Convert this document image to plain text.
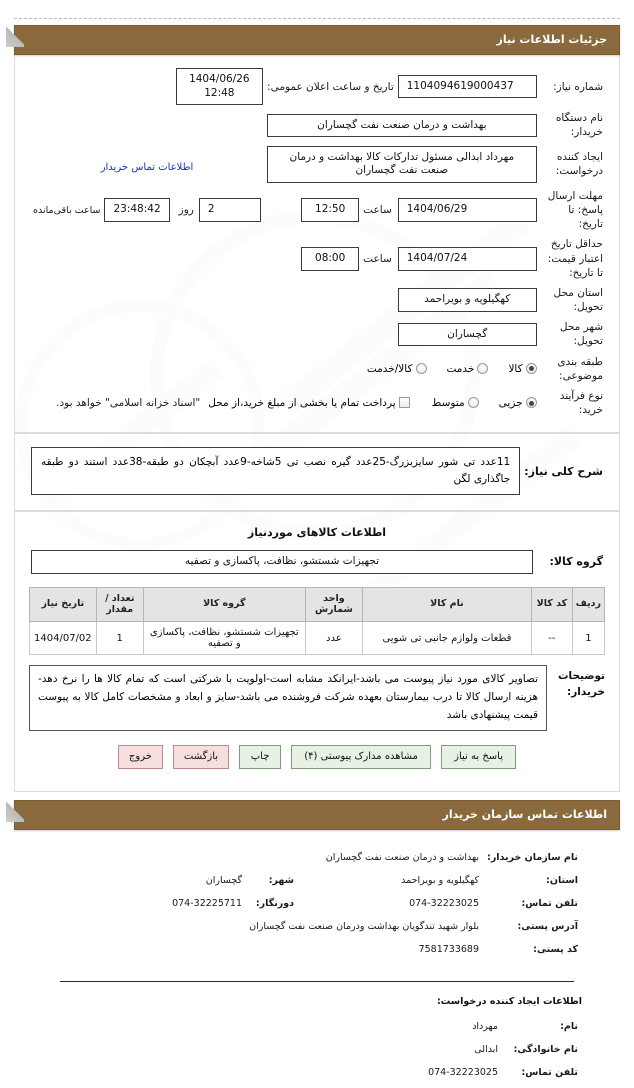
جزئیات اطلاعات نیاز
شماره نیاز:	
1104094619000437
	تاریخ و ساعت اعلان عمومی:	
1404/06/26 12:48

نام دستگاه خریدار:	
بهداشت و درمان صنعت نفت گچساران

ایجاد کننده درخواست:	
مهرداد ابدالی مسئول تدارکات کالا بهداشت و درمان صنعت نفت گچساران
	اطلاعات تماس خریدار
مهلت ارسال پاسخ: تا تاریخ:	
1404/06/29

ساعت	
12:50

2
	روز

23:48:42
	ساعت باقی‌مانده

حداقل تاریخ اعتبار قیمت: تا تاریخ:	
1404/07/24

ساعت	
08:00

استان محل تحویل:	
کهگیلویه و بویراحمد

شهر محل تحویل:	
گچساران

طبقه بندی موضوعی:	
کالا
خدمت
کالا/خدمت

نوع فرآیند خرید:	
جزیی
متوسط
پرداخت تمام یا بخشی از مبلغ خرید،از محل
"اسناد خزانه اسلامی" خواهد بود.
شرح کلی نیاز:	
11عدد تی شور سایزبزرگ-25عدد گیره نصب تی 5شاخه-9عدد آبچکان دو طبقه-38عدد استند دو طبقه جاگذاری لگن
اطلاعات کالاهای موردنیاز
گروه کالا:	
تجهیزات شستشو، نظافت، پاکسازی و تصفیه
ردیف	کد کالا	نام کالا	واحد شمارش	گروه کالا	تعداد / مقدار	تاریخ نیاز
1	--	قطعات ولوازم جانبی تی شویی	عدد	تجهیزات شستشو، نظافت، پاکسازی و تصفیه	1	1404/07/02
توضیحات خریدار:
تصاویر کالای مورد نیاز پیوست می باشد-ایرانکد مشابه است-اولویت با شرکتی است که تمام کالا ها را نرخ دهد- هزینه ارسال کالا تا درب بیمارستان بعهده شرکت فروشنده می باشد-سایز و ابعاد و مشخصات کامل کالا به پیوست قیمت پیشنهادی باشد
پاسخ به نیاز
مشاهده مدارک پیوستی (۴)
چاپ
بازگشت
خروج
اطلاعات تماس سازمان خریدار
نام سازمان خریدار:	بهداشت و درمان صنعت نفت گچساران		
استان:	کهگیلویه و بویراحمد	شهر:	گچساران
تلفن تماس:	074-32223025دورنگار:	074-32225711
آدرس پستی:	بلوار شهید تندگویان بهداشت ودرمان صنعت نفت گچساران		
کد پستی:	7581733689
اطلاعات ایجاد کننده درخواست:
نام:	مهرداد
نام خانوادگی:	ابدالی
تلفن تماس:	074-32223025
